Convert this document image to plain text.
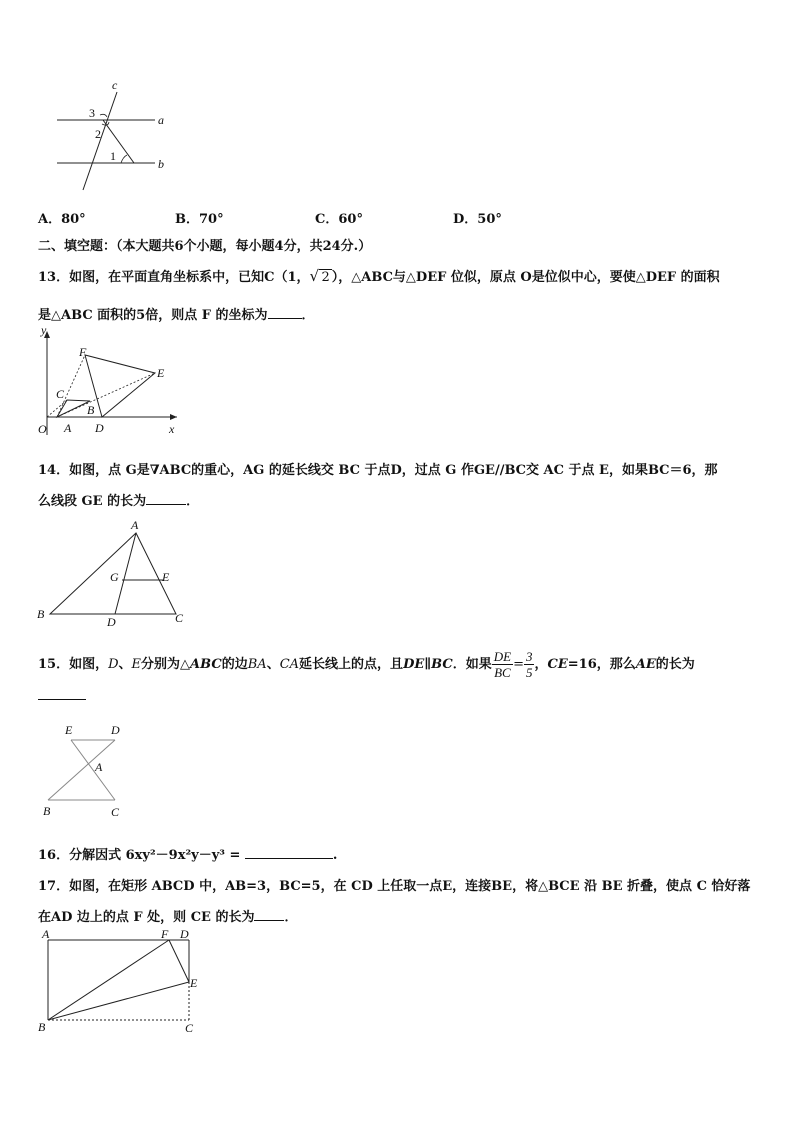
c
a
b
1
2
3
A．80°	B．70°	C．60°	D．50°
二、填空题：（本大题共6个小题，每小题4分，共24分.）
13．如图，在平面直角坐标系中，已知C（1， √ 2 ），△ABC与△DEF 位似，原点 O是位似中心，要使△DEF 的面积
是△ABC 面积的5倍，则点 F 的坐标为	．
y
x
O A
B
C
D
E
F
14．如图，点 G是∇ABC的重心，AG 的延长线交 BC 于点D，过点 G 作GE//BC交 AC 于点 E，如果BC＝6，那
么线段 GE 的长为	．
A
B	C
D
G	E
15．如图，D、E分别为△ABC的边BA、CA延长线上的点，且DE∥BC．如果 $\frac{DE}{BC} = \frac{3}{5}$ ，CE=16，那么AE的长为
E	D
A
B	C
16．分解因式 6xy²－9x²y－y³ =	.
17．如图，在矩形 ABCD 中，AB=3，BC=5，在 CD 上任取一点E，连接BE，将△BCE 沿 BE 折叠，使点 C 恰好落
在AD 边上的点 F 处，则 CE 的长为 ．
A	F D
E
B	C
